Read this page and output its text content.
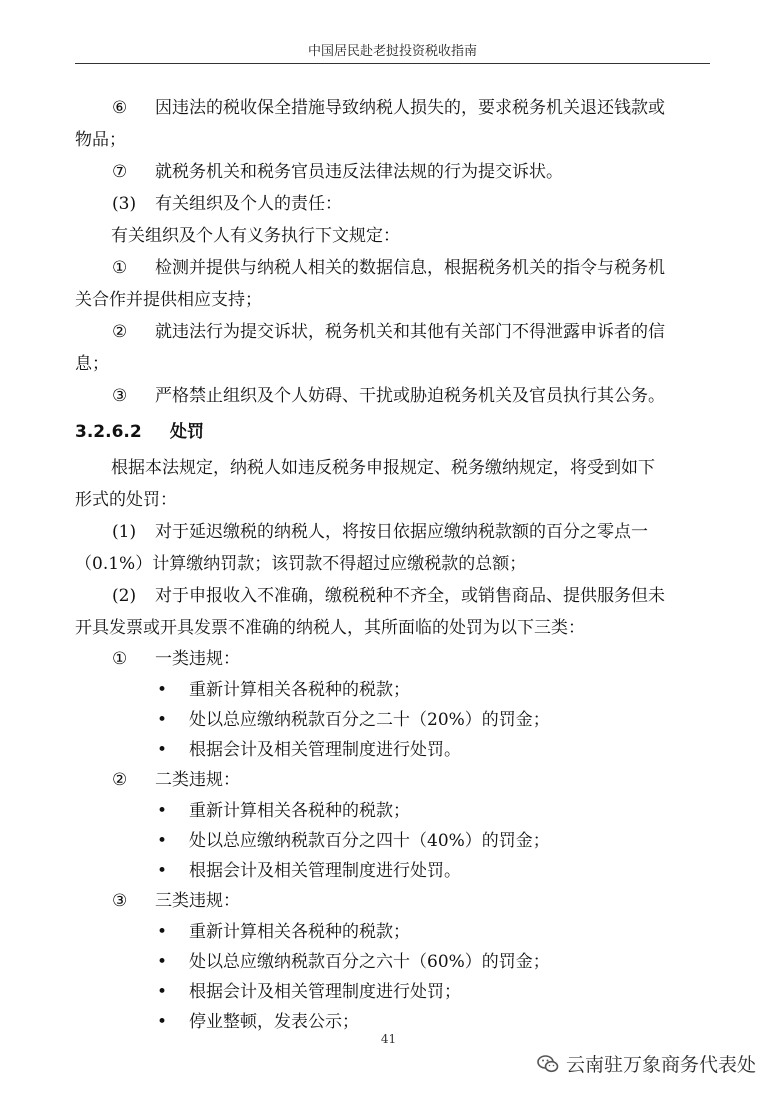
中国居民赴老挝投资税收指南
⑥ 因违法的税收保全措施导致纳税人损失的，要求税务机关退还钱款或
物品；
⑦ 就税务机关和税务官员违反法律法规的行为提交诉状。
(3) 有关组织及个人的责任：
有关组织及个人有义务执行下文规定：
① 检测并提供与纳税人相关的数据信息，根据税务机关的指令与税务机
关合作并提供相应支持；
② 就违法行为提交诉状，税务机关和其他有关部门不得泄露申诉者的信
息；
③ 严格禁止组织及个人妨碍、干扰或胁迫税务机关及官员执行其公务。
3.2.6.2 处罚
根据本法规定，纳税人如违反税务申报规定、税务缴纳规定，将受到如下
形式的处罚：
(1) 对于延迟缴税的纳税人，将按日依据应缴纳税款额的百分之零点一
（0.1%）计算缴纳罚款；该罚款不得超过应缴税款的总额；
(2) 对于申报收入不准确，缴税税种不齐全，或销售商品、提供服务但未
开具发票或开具发票不准确的纳税人，其所面临的处罚为以下三类：
① 一类违规：
• 重新计算相关各税种的税款；
• 处以总应缴纳税款百分之二十（20%）的罚金；
• 根据会计及相关管理制度进行处罚。
② 二类违规：
• 重新计算相关各税种的税款；
• 处以总应缴纳税款百分之四十（40%）的罚金；
• 根据会计及相关管理制度进行处罚。
③ 三类违规：
• 重新计算相关各税种的税款；
• 处以总应缴纳税款百分之六十（60%）的罚金；
• 根据会计及相关管理制度进行处罚；
• 停业整顿，发表公示；
41
云南驻万象商务代表处
